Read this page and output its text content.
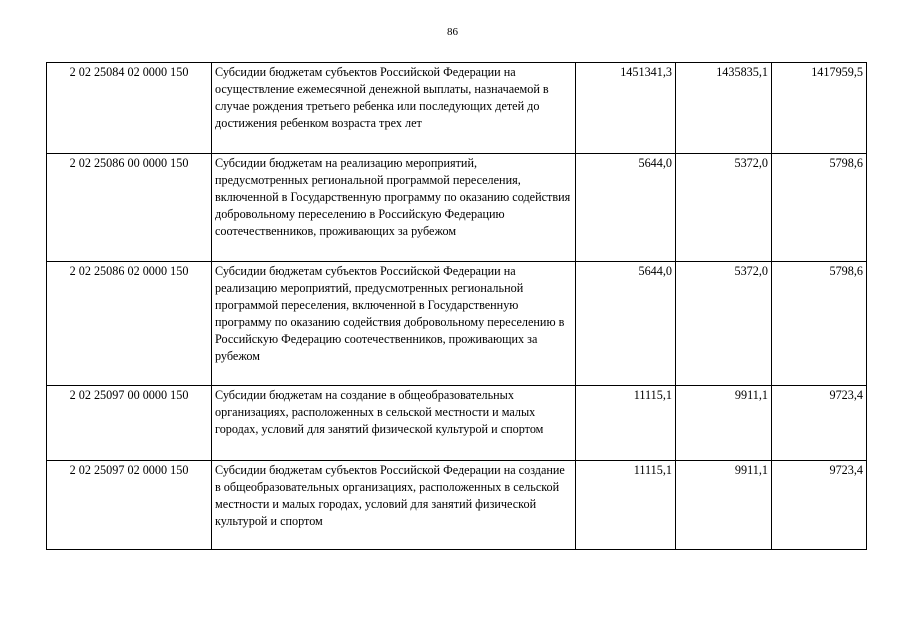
86
2 02 25084 02 0000 150	Субсидии бюджетам субъектов Российской Федерации на осуществление ежемесячной денежной выплаты, назначаемой в случае рождения третьего ребенка или последующих детей до достижения ребенком возраста трех лет	1451341,3	1435835,1	1417959,5
2 02 25086 00 0000 150	Субсидии бюджетам на реализацию мероприятий, предусмотренных региональной программой переселения, включенной в Государственную программу по оказанию содействия добровольному переселению в Российскую Федерацию соотечественников, проживающих за рубежом	5644,0	5372,0	5798,6
2 02 25086 02 0000 150	Субсидии бюджетам субъектов Российской Федерации на реализацию мероприятий, предусмотренных региональной программой переселения, включенной в Государственную программу по оказанию содействия добровольному переселению в Российскую Федерацию соотечественников, проживающих за рубежом	5644,0	5372,0	5798,6
2 02 25097 00 0000 150	Субсидии бюджетам на создание в общеобразовательных организациях, расположенных в сельской местности и малых городах, условий для занятий физической культурой и спортом	11115,1	9911,1	9723,4
2 02 25097 02 0000 150	Субсидии бюджетам субъектов Российской Федерации на создание в общеобразовательных организациях, расположенных в сельской местности и малых городах, условий для занятий физической культурой и спортом	11115,1	9911,1	9723,4
